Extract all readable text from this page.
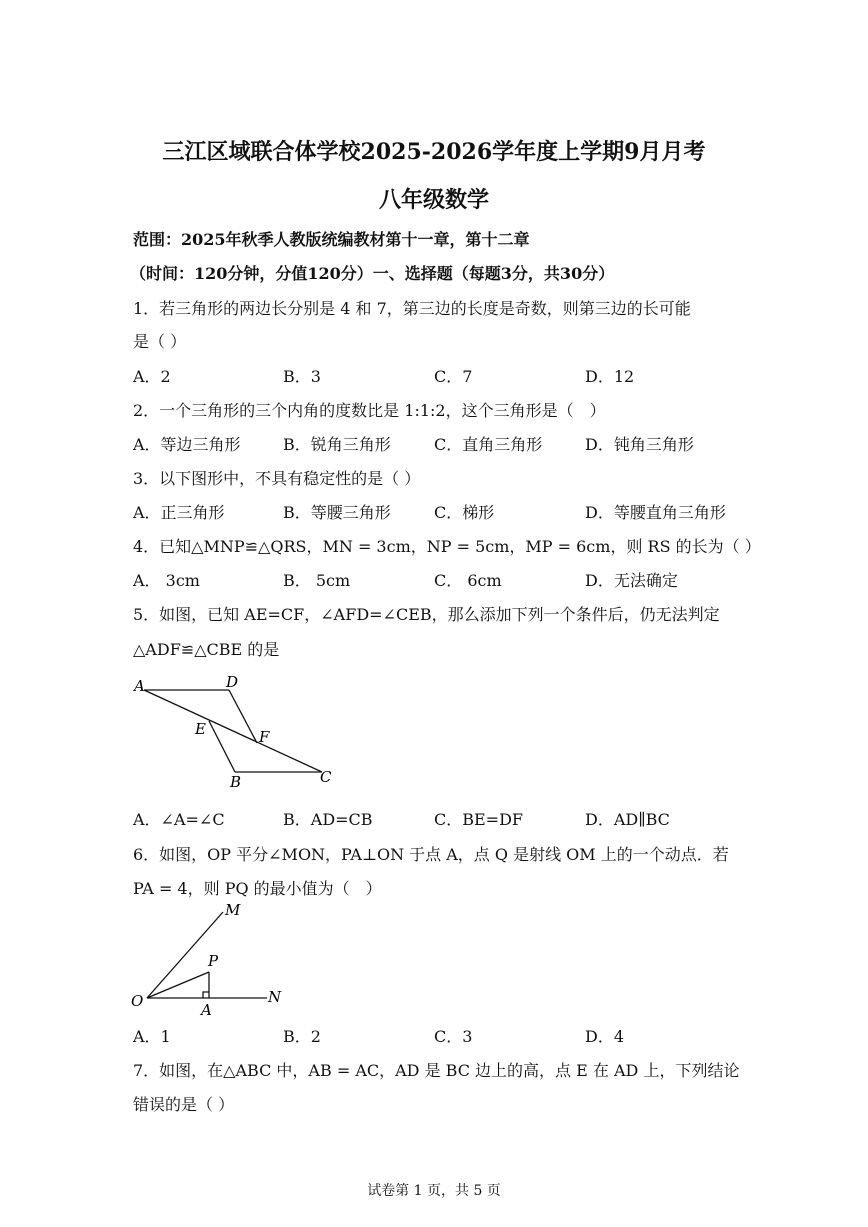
三江区域联合体学校2025-2026学年度上学期9月月考
八年级数学
范围：2025年秋季人教版统编教材第十一章，第十二章
（时间：120分钟，分值120分）一、选择题（每题3分，共30分）
1．若三角形的两边长分别是 4 和 7，第三边的长度是奇数，则第三边的长可能
是（ ）
A．2	B．3	C．7	D．12
2．一个三角形的三个内角的度数比是 1:1:2，这个三角形是（　）
A．等边三角形	B．锐角三角形	C．直角三角形	D．钝角三角形
3．以下图形中，不具有稳定性的是（ ）
A．正三角形	B．等腰三角形	C．梯形	D．等腰直角三角形
4．已知△MNP≌△QRS，MN = 3cm，NP = 5cm，MP = 6cm，则 RS 的长为（ ）
A． 3cm	B． 5cm	C． 6cm	D．无法确定
5．如图，已知 AE=CF，∠AFD=∠CEB，那么添加下列一个条件后，仍无法判定
△ADF≌△CBE 的是
A	D
E	F
B	C
A．∠A=∠C	B．AD=CB	C．BE=DF	D．AD∥BC
6．如图，OP 平分∠MON，PA⊥ON 于点 A，点 Q 是射线 OM 上的一个动点．若
PA = 4，则 PQ 的最小值为（　）
M
P
O	A
N
A．1	B．2	C．3	D．4
7．如图，在△ABC 中，AB = AC，AD 是 BC 边上的高，点 E 在 AD 上，下列结论
错误的是（ ）
试卷第 1 页，共 5 页
